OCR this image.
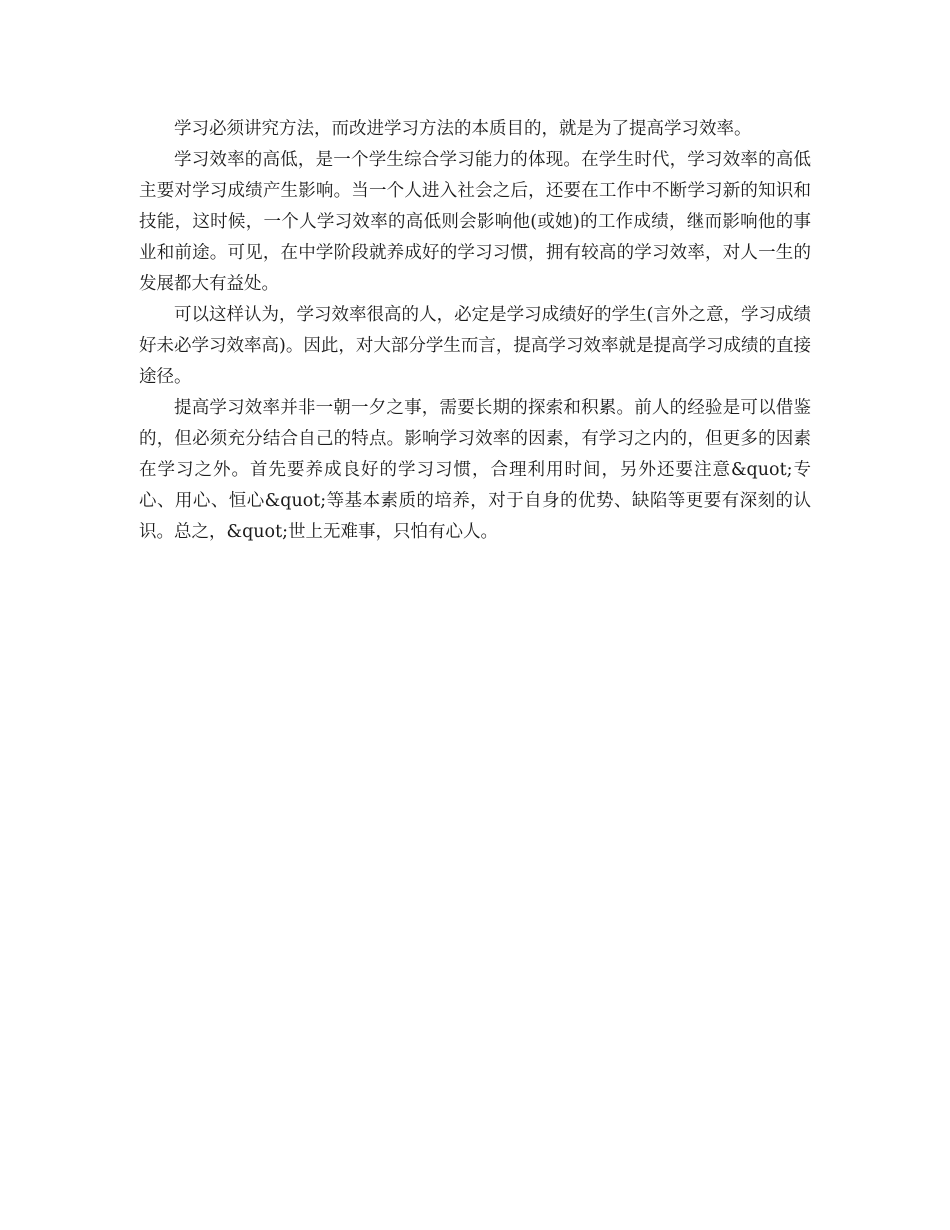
学习必须讲究方法，而改进学习方法的本质目的，就是为了提高学习效率。

学习效率的高低，是一个学生综合学习能力的体现。在学生时代，学习效率的高低主要对学习成绩产生影响。当一个人进入社会之后，还要在工作中不断学习新的知识和技能，这时候，一个人学习效率的高低则会影响他(或她)的工作成绩，继而影响他的事业和前途。可见，在中学阶段就养成好的学习习惯，拥有较高的学习效率，对人一生的发展都大有益处。

可以这样认为，学习效率很高的人，必定是学习成绩好的学生(言外之意，学习成绩好未必学习效率高)。因此，对大部分学生而言，提高学习效率就是提高学习成绩的直接途径。

提高学习效率并非一朝一夕之事，需要长期的探索和积累。前人的经验是可以借鉴的，但必须充分结合自己的特点。影响学习效率的因素，有学习之内的，但更多的因素在学习之外。首先要养成良好的学习习惯，合理利用时间，另外还要注意&quot;专心、用心、恒心&quot;等基本素质的培养，对于自身的优势、缺陷等更要有深刻的认识。总之，&quot;世上无难事，只怕有心人。
